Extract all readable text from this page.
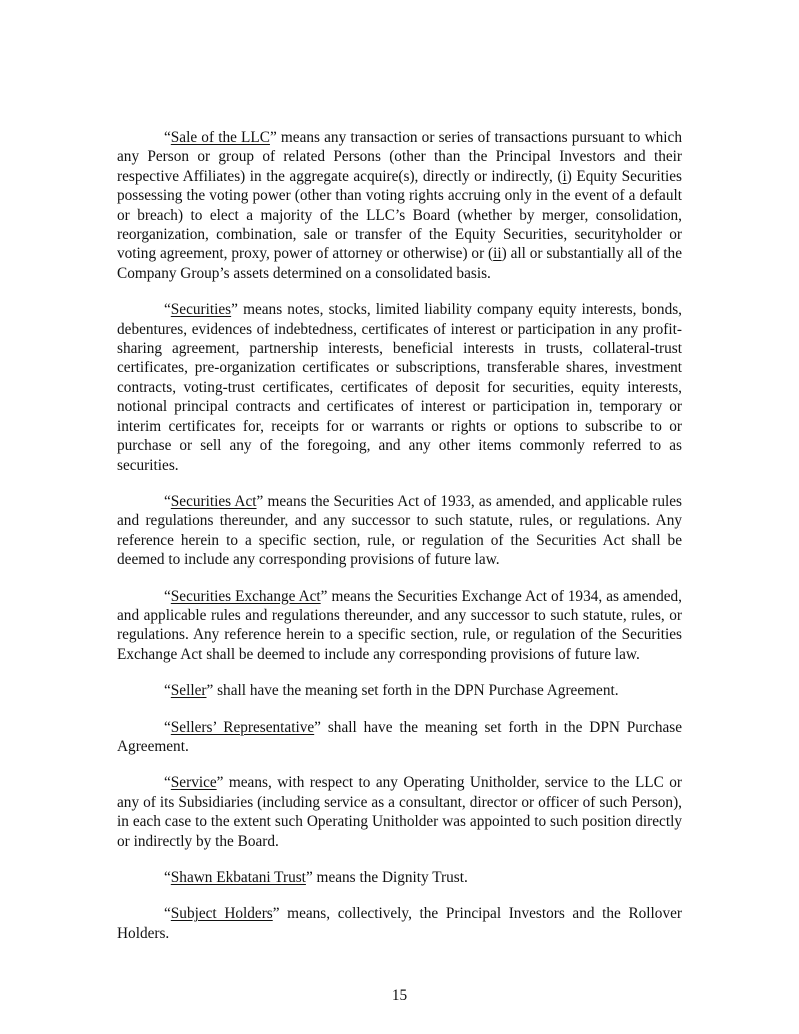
“Sale of the LLC” means any transaction or series of transactions pursuant to which any Person or group of related Persons (other than the Principal Investors and their respective Affiliates) in the aggregate acquire(s), directly or indirectly, (i) Equity Securities possessing the voting power (other than voting rights accruing only in the event of a default or breach) to elect a majority of the LLC’s Board (whether by merger, consolidation, reorganization, combination, sale or transfer of the Equity Securities, securityholder or voting agreement, proxy, power of attorney or otherwise) or (ii) all or substantially all of the Company Group’s assets determined on a consolidated basis.

“Securities” means notes, stocks, limited liability company equity interests, bonds, debentures, evidences of indebtedness, certificates of interest or participation in any profit-sharing agreement, partnership interests, beneficial interests in trusts, collateral-trust certificates, pre-organization certificates or subscriptions, transferable shares, investment contracts, voting-trust certificates, certificates of deposit for securities, equity interests, notional principal contracts and certificates of interest or participation in, temporary or interim certificates for, receipts for or warrants or rights or options to subscribe to or purchase or sell any of the foregoing, and any other items commonly referred to as securities.

“Securities Act” means the Securities Act of 1933, as amended, and applicable rules and regulations thereunder, and any successor to such statute, rules, or regulations. Any reference herein to a specific section, rule, or regulation of the Securities Act shall be deemed to include any corresponding provisions of future law.

“Securities Exchange Act” means the Securities Exchange Act of 1934, as amended, and applicable rules and regulations thereunder, and any successor to such statute, rules, or regulations. Any reference herein to a specific section, rule, or regulation of the Securities Exchange Act shall be deemed to include any corresponding provisions of future law.

“Seller” shall have the meaning set forth in the DPN Purchase Agreement.

“Sellers’ Representative” shall have the meaning set forth in the DPN Purchase Agreement.

“Service” means, with respect to any Operating Unitholder, service to the LLC or any of its Subsidiaries (including service as a consultant, director or officer of such Person), in each case to the extent such Operating Unitholder was appointed to such position directly or indirectly by the Board.

“Shawn Ekbatani Trust” means the Dignity Trust.

“Subject Holders” means, collectively, the Principal Investors and the Rollover Holders.

15
